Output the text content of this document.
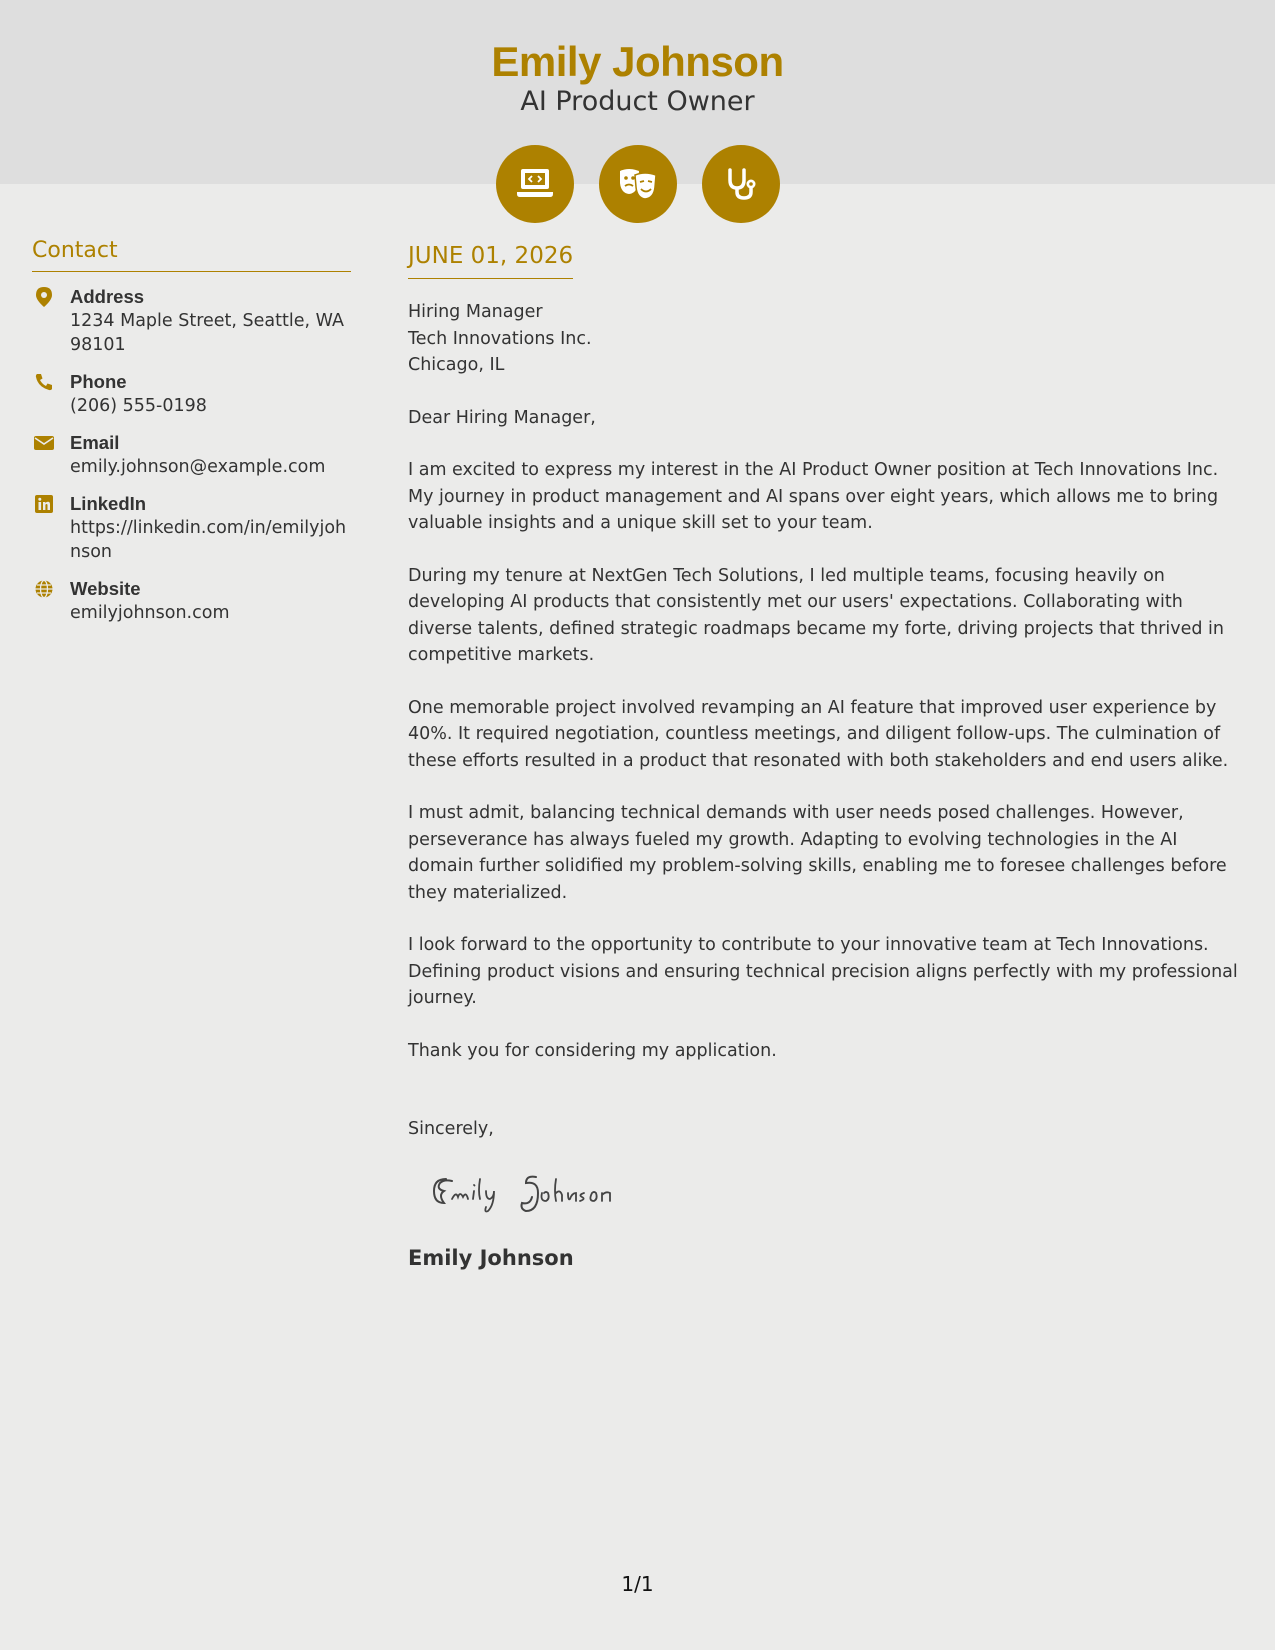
Emily Johnson
AI Product Owner
Contact
Address
1234 Maple Street, Seattle, WA 98101
Phone
(206) 555-0198
Email
emily.johnson@example.com
LinkedIn
https://linkedin.com/in/emilyjohnson
Website
emilyjohnson.com
JUNE 01, 2026
Hiring Manager
Tech Innovations Inc.
Chicago, IL
Dear Hiring Manager,
I am excited to express my interest in the AI Product Owner position at Tech Innovations Inc. My journey in product management and AI spans over eight years, which allows me to bring valuable insights and a unique skill set to your team.
During my tenure at NextGen Tech Solutions, I led multiple teams, focusing heavily on developing AI products that consistently met our users' expectations. Collaborating with diverse talents, defined strategic roadmaps became my forte, driving projects that thrived in competitive markets.
One memorable project involved revamping an AI feature that improved user experience by 40%. It required negotiation, countless meetings, and diligent follow-ups. The culmination of these efforts resulted in a product that resonated with both stakeholders and end users alike.
I must admit, balancing technical demands with user needs posed challenges. However, perseverance has always fueled my growth. Adapting to evolving technologies in the AI domain further solidified my problem-solving skills, enabling me to foresee challenges before they materialized.
I look forward to the opportunity to contribute to your innovative team at Tech Innovations. Defining product visions and ensuring technical precision aligns perfectly with my professional journey.
Thank you for considering my application.
Sincerely,
Emily Johnson
1/1
